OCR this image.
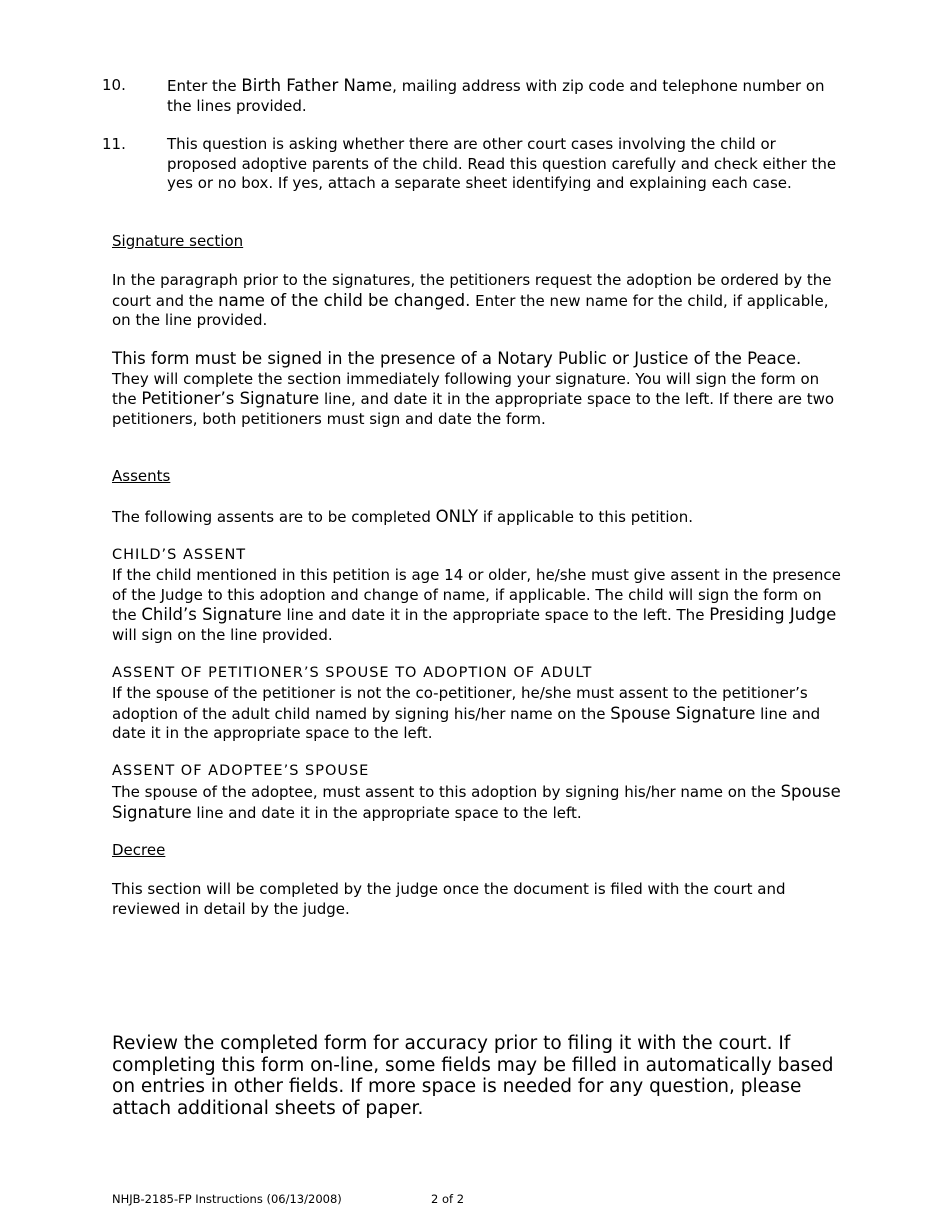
10.	Enter the Birth Father Name, mailing address with zip code and telephone number on the lines provided.

11.	This question is asking whether there are other court cases involving the child or proposed adoptive parents of the child. Read this question carefully and check either the yes or no box. If yes, attach a separate sheet identifying and explaining each case.

Signature section

In the paragraph prior to the signatures, the petitioners request the adoption be ordered by the court and the name of the child be changed. Enter the new name for the child, if applicable, on the line provided.

This form must be signed in the presence of a Notary Public or Justice of the Peace. They will complete the section immediately following your signature. You will sign the form on the Petitioner’s Signature line, and date it in the appropriate space to the left. If there are two petitioners, both petitioners must sign and date the form.

Assents

The following assents are to be completed ONLY if applicable to this petition.

CHILD’S ASSENT

If the child mentioned in this petition is age 14 or older, he/she must give assent in the presence of the Judge to this adoption and change of name, if applicable. The child will sign the form on the Child’s Signature line and date it in the appropriate space to the left. The Presiding Judge will sign on the line provided.

ASSENT OF PETITIONER’S SPOUSE TO ADOPTION OF ADULT

If the spouse of the petitioner is not the co-petitioner, he/she must assent to the petitioner’s adoption of the adult child named by signing his/her name on the Spouse Signature line and date it in the appropriate space to the left.

ASSENT OF ADOPTEE’S SPOUSE

The spouse of the adoptee, must assent to this adoption by signing his/her name on the Spouse Signature line and date it in the appropriate space to the left.

Decree

This section will be completed by the judge once the document is filed with the court and reviewed in detail by the judge.

Review the completed form for accuracy prior to filing it with the court. If completing this form on-line, some fields may be filled in automatically based on entries in other fields. If more space is needed for any question, please attach additional sheets of paper.

NHJB-2185-FP Instructions (06/13/2008)	2 of 2
